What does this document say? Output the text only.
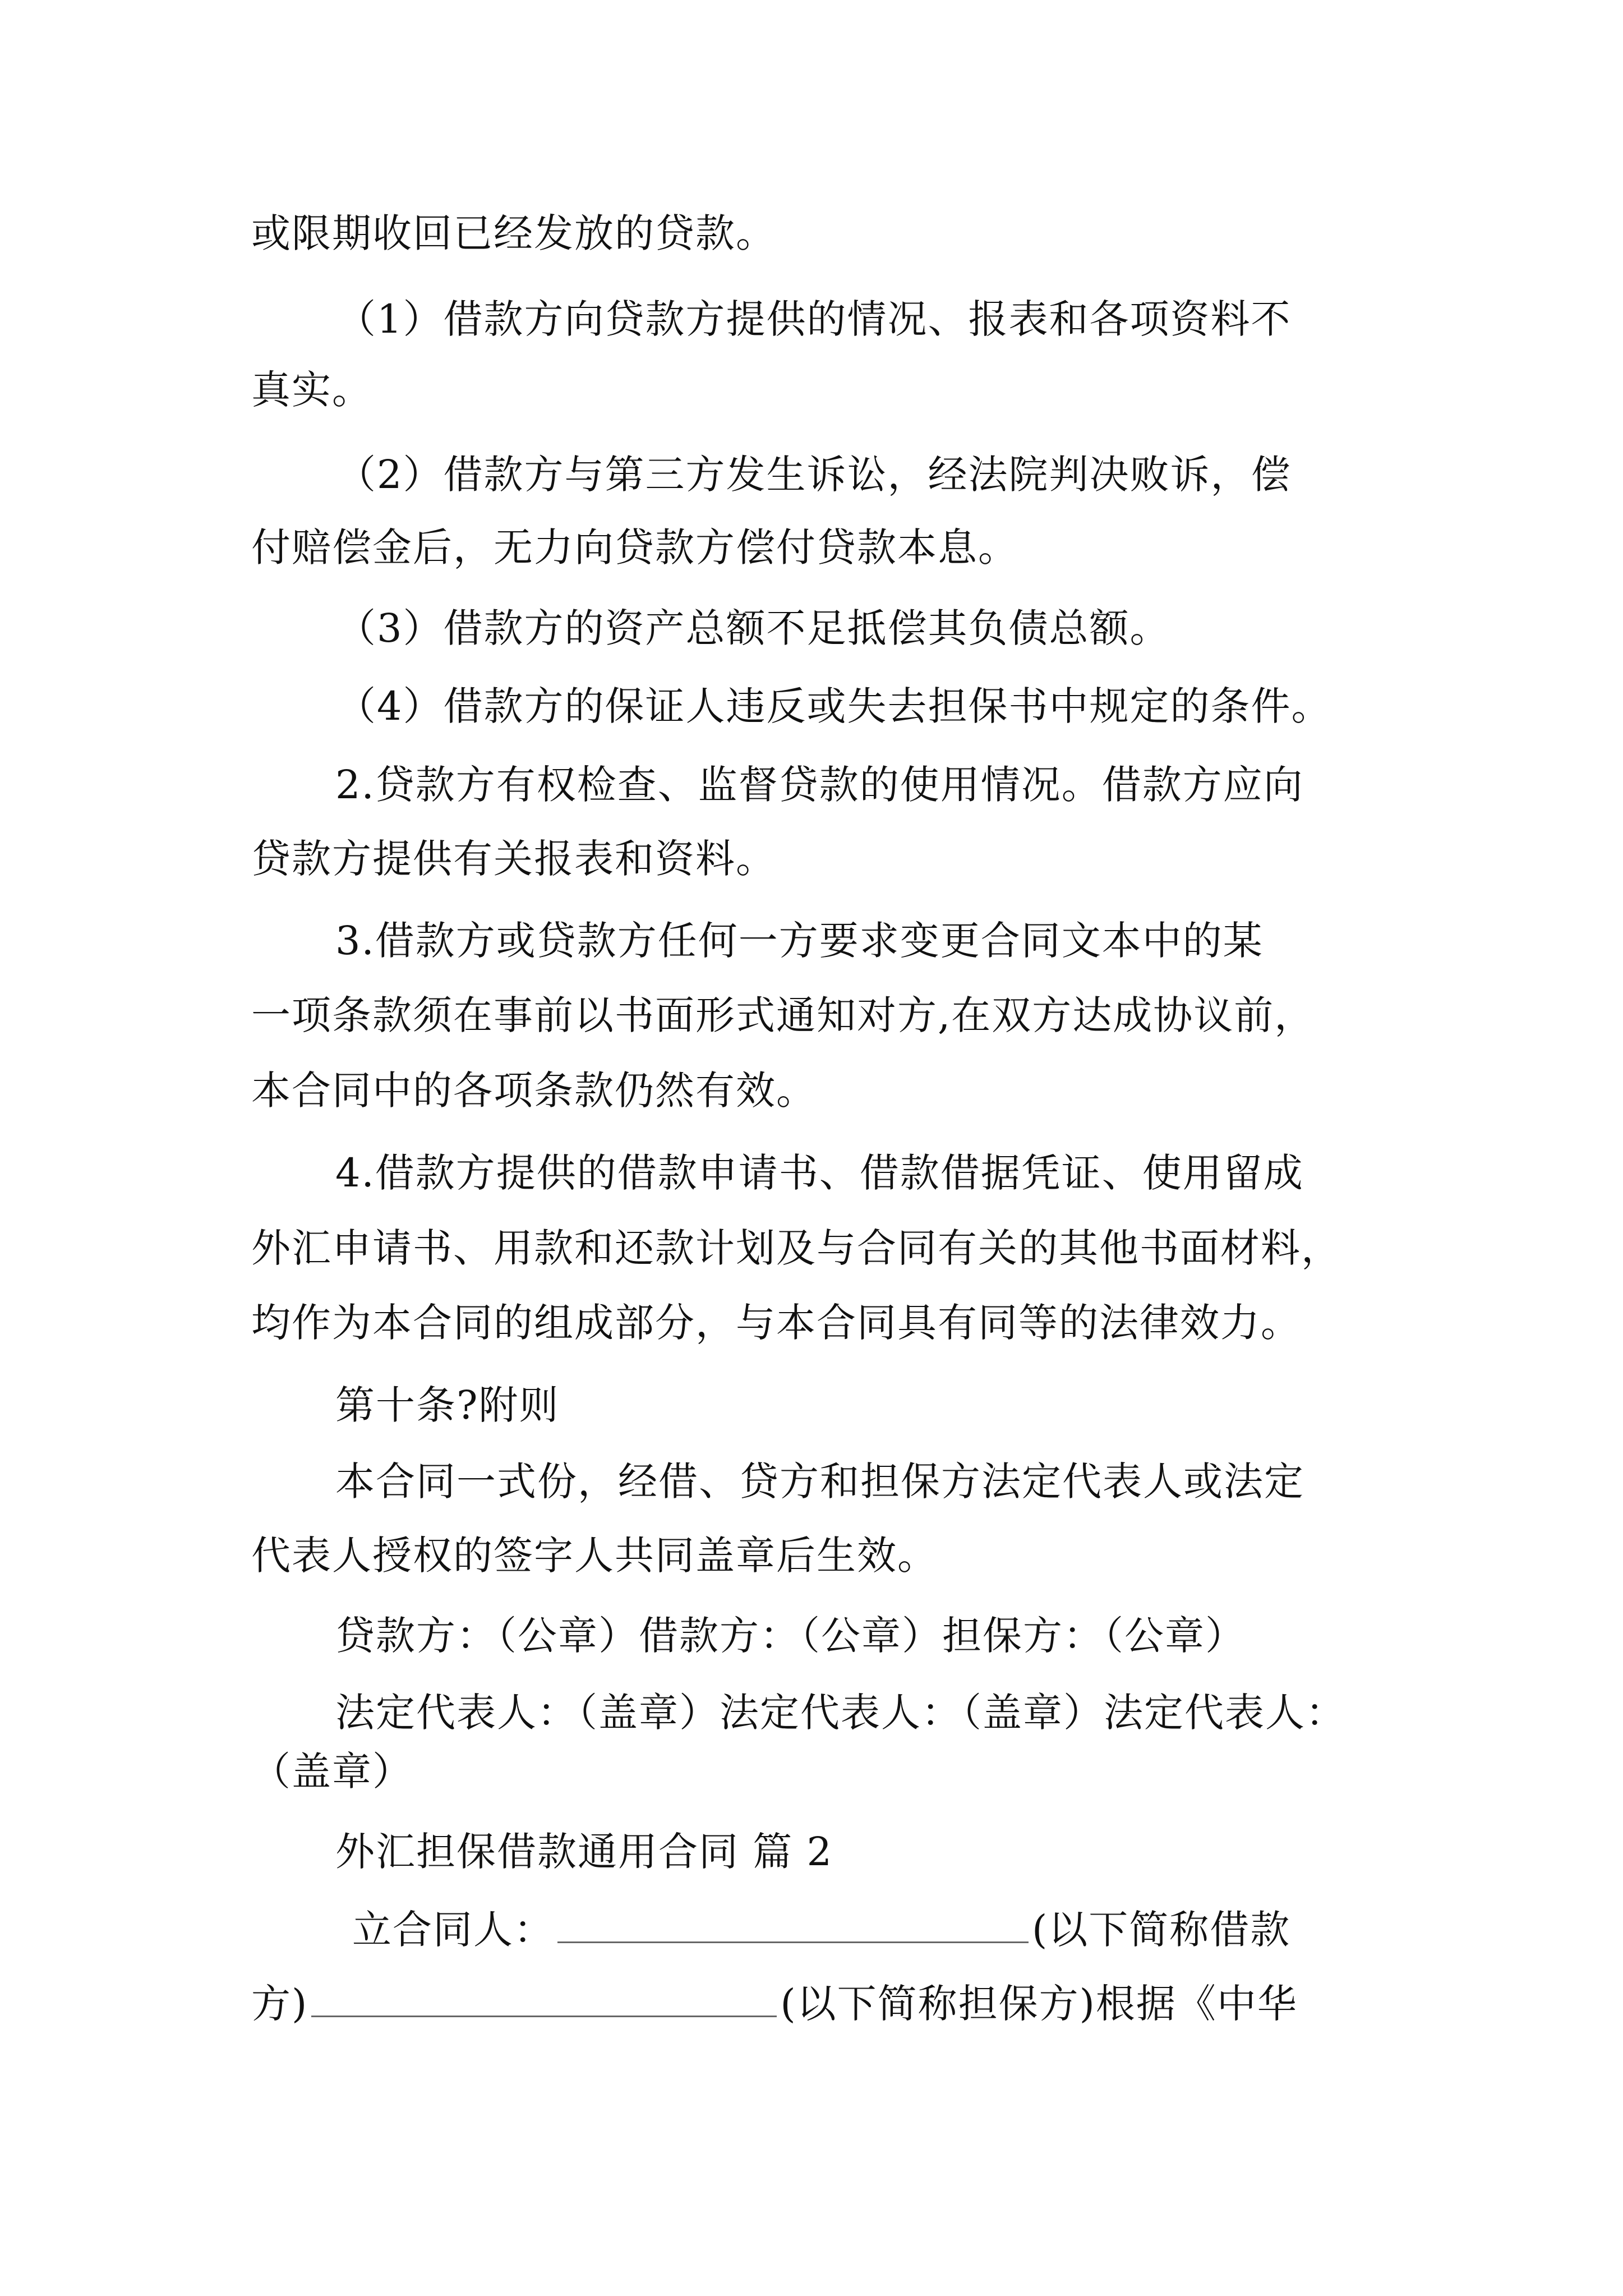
或限期收回已经发放的贷款。
（1）借款方向贷款方提供的情况、报表和各项资料不
真实。
（2）借款方与第三方发生诉讼，经法院判决败诉，偿
付赔偿金后，无力向贷款方偿付贷款本息。
（3）借款方的资产总额不足抵偿其负债总额。
（4）借款方的保证人违反或失去担保书中规定的条件。
2.贷款方有权检查、监督贷款的使用情况。借款方应向
贷款方提供有关报表和资料。
3.借款方或贷款方任何一方要求变更合同文本中的某
一项条款须在事前以书面形式通知对方,在双方达成协议前，
本合同中的各项条款仍然有效。
4.借款方提供的借款申请书、借款借据凭证、使用留成
外汇申请书、用款和还款计划及与合同有关的其他书面材料，
均作为本合同的组成部分，与本合同具有同等的法律效力。
第十条?附则
本合同一式份，经借、贷方和担保方法定代表人或法定
代表人授权的签字人共同盖章后生效。
贷款方：（公章）借款方：（公章）担保方：（公章）
法定代表人：（盖章）法定代表人：（盖章）法定代表人：
（盖章）
外汇担保借款通用合同 篇 2
立合同人：	(以下简称借款
方)	(以下简称担保方)根据《中华
